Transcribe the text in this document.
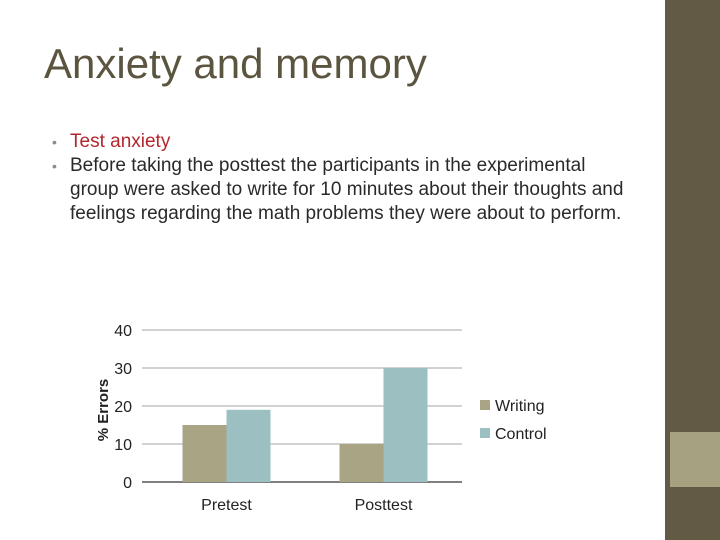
Anxiety and memory
• Test anxiety
• Before taking the posttest the participants in the experimental group were asked to write for 10 minutes about their thoughts and feelings regarding the math problems they were about to perform.
0
10
20
30
40
% Errors
Pretest	Posttest
Writing
Control
